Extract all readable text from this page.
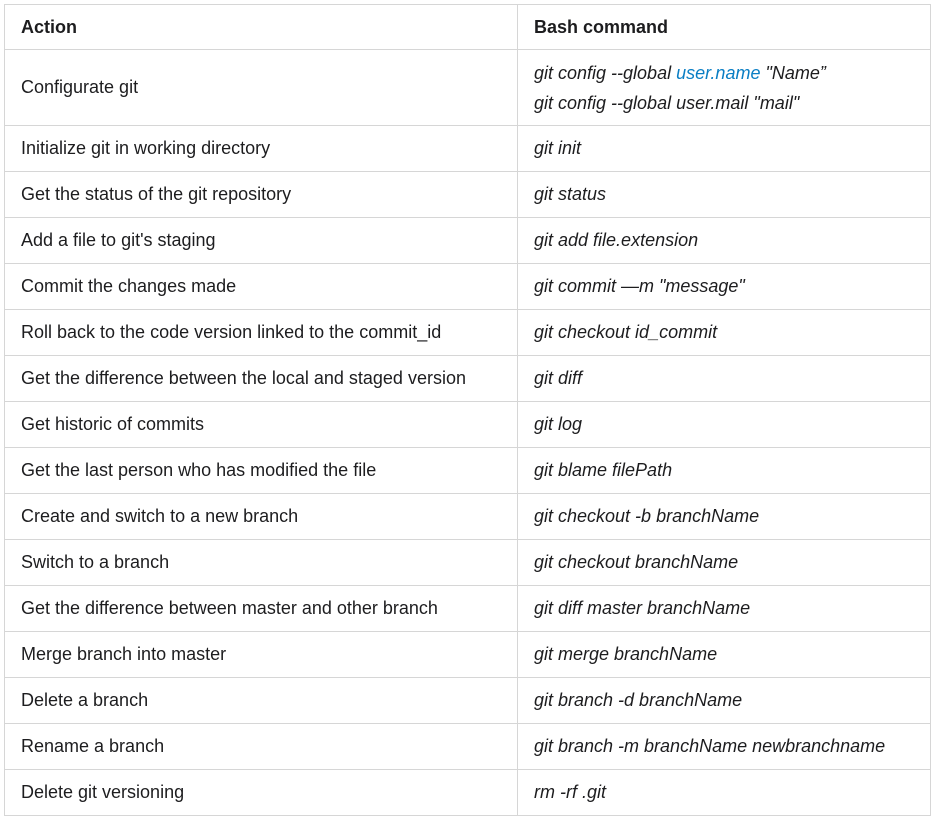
Action	Bash command
Configurate git	git config --global user.name "Name”
git config --global user.mail "mail"

Initialize git in working directory	git init
Get the status of the git repository	git status
Add a file to git's staging	git add file.extension
Commit the changes made	git commit —m "message"
Roll back to the code version linked to the commit_id	git checkout id_commit
Get the difference between the local and staged version	git diff
Get historic of commits	git log
Get the last person who has modified the file	git blame filePath
Create and switch to a new branch	git checkout -b branchName
Switch to a branch	git checkout branchName
Get the difference between master and other branch	git diff master branchName
Merge branch into master	git merge branchName
Delete a branch	git branch -d branchName
Rename a branch	git branch -m branchName newbranchname
Delete git versioning	rm -rf .git
